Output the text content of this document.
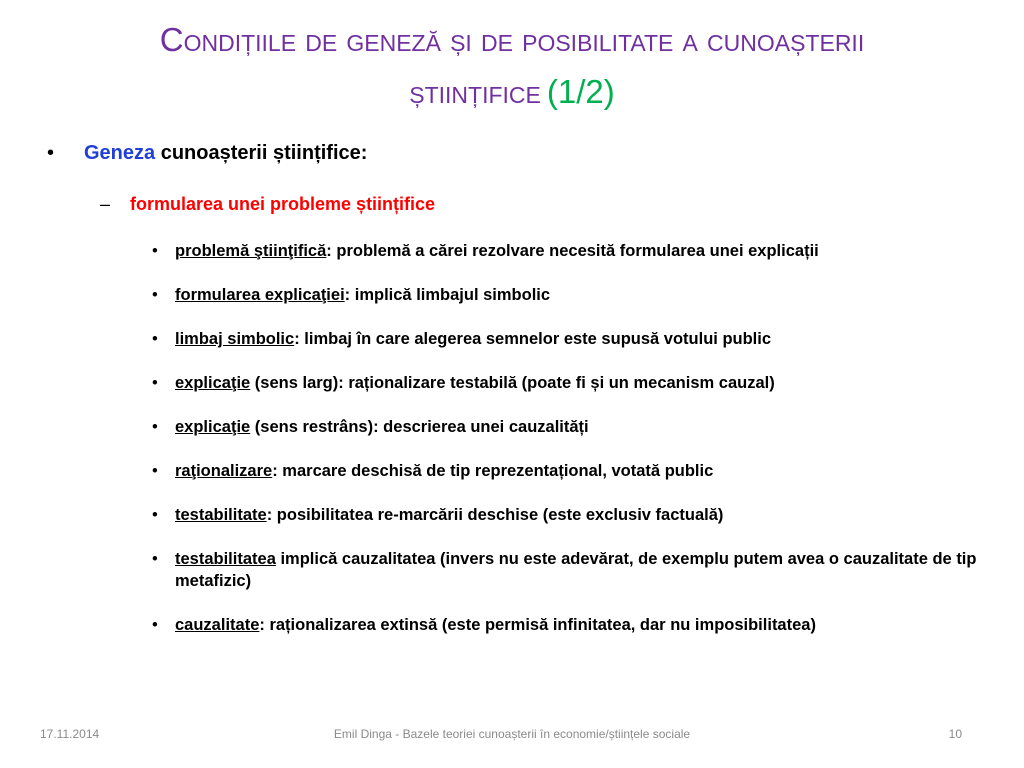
Condițiile de geneză și de posibilitate a cunoașterii științifice (1/2)
•	Geneza cunoașterii științifice:
–	formularea unei probleme științifice
•	problemă ştiinţifică: problemă a cărei rezolvare necesită formularea unei explicații
•	formularea explicaţiei: implică limbajul simbolic
•	limbaj simbolic: limbaj în care alegerea semnelor este supusă votului public
•	explicaţie (sens larg): raționalizare testabilă (poate fi și un mecanism cauzal)
•	explicaţie (sens restrâns): descrierea unei cauzalități
•	raţionalizare: marcare deschisă de tip reprezentațional, votată public
•	testabilitate: posibilitatea re-marcării deschise (este exclusiv factuală)
•	testabilitatea implică cauzalitatea (invers nu este adevărat, de exemplu putem avea o cauzalitate de tip metafizic)
•	cauzalitate: raționalizarea extinsă (este permisă infinitatea, dar nu imposibilitatea)
17.11.2014	Emil Dinga - Bazele teoriei cunoașterii în economie/științele sociale	10
